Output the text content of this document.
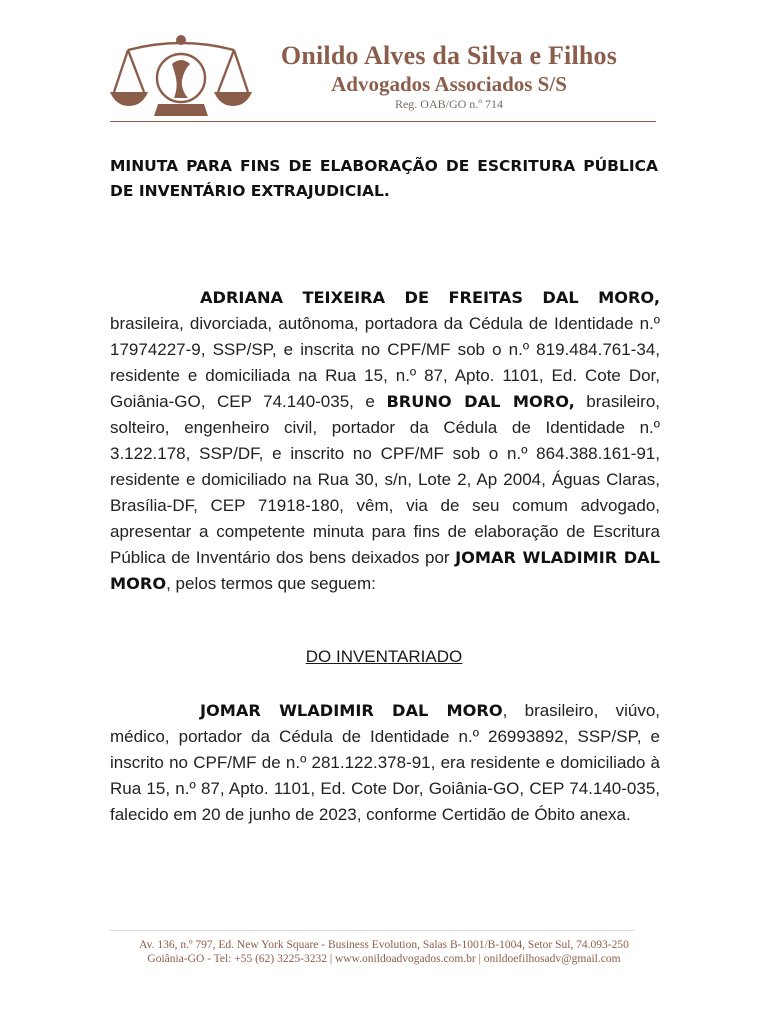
Onildo Alves da Silva e Filhos
Advogados Associados S/S
Reg. OAB/GO n.º 714
MINUTA PARA FINS DE ELABORAÇÃO DE ESCRITURA PÚBLICA DE INVENTÁRIO EXTRAJUDICIAL.
ADRIANA TEIXEIRA DE FREITAS DAL MORO, brasileira, divorciada, autônoma, portadora da Cédula de Identidade n.º 17974227-9, SSP/SP, e inscrita no CPF/MF sob o n.º 819.484.761-34, residente e domiciliada na Rua 15, n.º 87, Apto. 1101, Ed. Cote Dor, Goiânia-GO, CEP 74.140-035, e BRUNO DAL MORO, brasileiro, solteiro, engenheiro civil, portador da Cédula de Identidade n.º 3.122.178, SSP/DF, e inscrito no CPF/MF sob o n.º 864.388.161-91, residente e domiciliado na Rua 30, s/n, Lote 2, Ap 2004, Águas Claras, Brasília-DF, CEP 71918-180, vêm, via de seu comum advogado, apresentar a competente minuta para fins de elaboração de Escritura Pública de Inventário dos bens deixados por JOMAR WLADIMIR DAL MORO, pelos termos que seguem:
DO INVENTARIADO
JOMAR WLADIMIR DAL MORO, brasileiro, viúvo, médico, portador da Cédula de Identidade n.º 26993892, SSP/SP, e inscrito no CPF/MF de n.º 281.122.378-91, era residente e domiciliado à Rua 15, n.º 87, Apto. 1101, Ed. Cote Dor, Goiânia-GO, CEP 74.140-035, falecido em 20 de junho de 2023, conforme Certidão de Óbito anexa.
Av. 136, n.º 797, Ed. New York Square - Business Evolution, Salas B-1001/B-1004, Setor Sul, 74.093-250
Goiânia-GO - Tel: +55 (62) 3225-3232 | www.onildoadvogados.com.br | onildoefilhosadv@gmail.com
